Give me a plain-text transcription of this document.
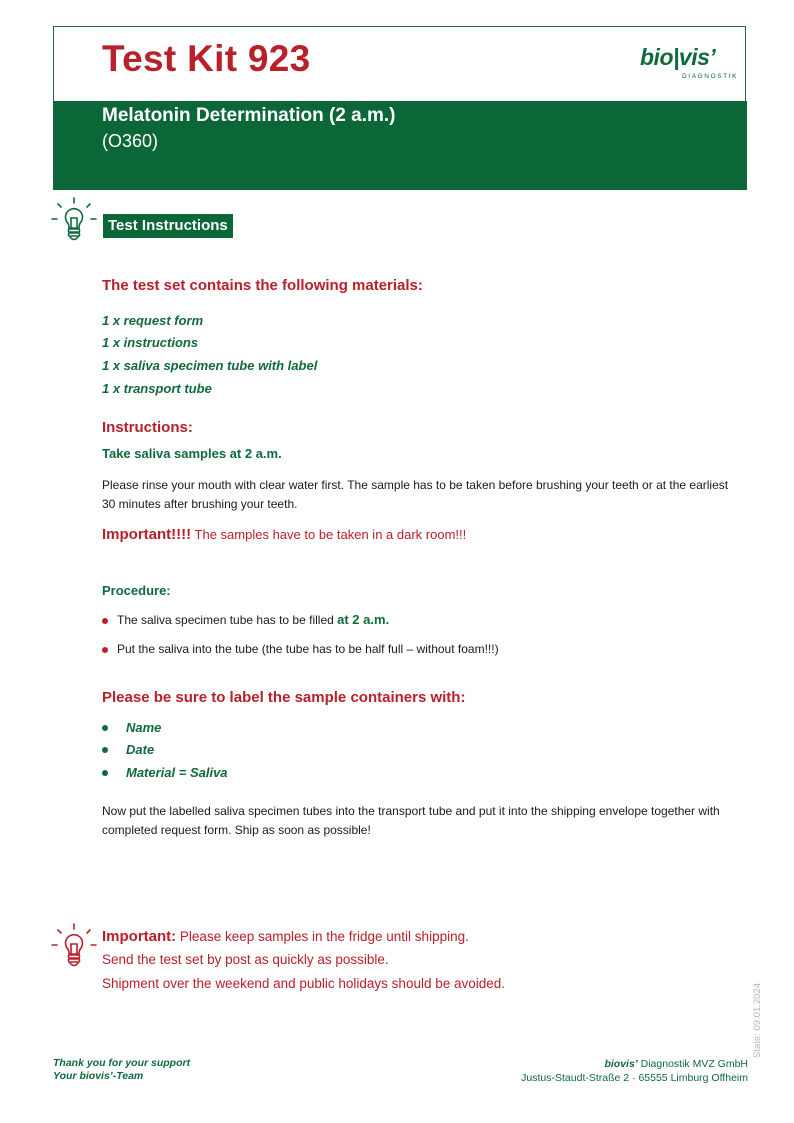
Test Kit 923	bio|vis’
DIAGNOSTIK
Melatonin Determination (2 a.m.)
(O360)
Test Instructions
The test set contains the following materials:
1 x request form
1 x instructions
1 x saliva specimen tube with label
1 x transport tube
Instructions:
Take saliva samples at 2 a.m.
Please rinse your mouth with clear water first. The sample has to be taken before brushing your teeth or at the earliest
30 minutes after brushing your teeth.
Important!!!! The samples have to be taken in a dark room!!!
Procedure:
The saliva specimen tube has to be filled at 2 a.m.
Put the saliva into the tube (the tube has to be half full – without foam!!!)
Please be sure to label the sample containers with:
Name
Date
Material = Saliva
Now put the labelled saliva specimen tubes into the transport tube and put it into the shipping envelope together with
completed request form. Ship as soon as possible!
Important: Please keep samples in the fridge until shipping.
Send the test set by post as quickly as possible.
Shipment over the weekend and public holidays should be avoided.	State: 09.01.2024
Thank you for your support
Your biovis’-Team
biovis’ Diagnostik MVZ GmbH
Justus-Staudt-Straße 2 · 65555 Limburg Offheim
